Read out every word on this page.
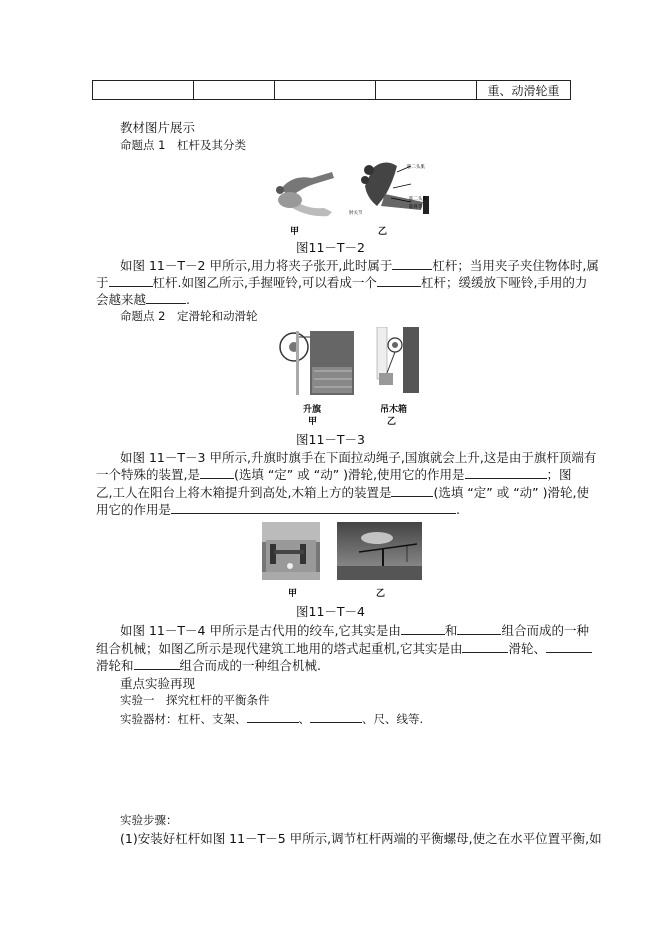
				重、动滑轮重
教材图片展示
命题点 1　杠杆及其分类
肱二头肌
肱二头肌
肱骨等
肘关节
甲	乙
图11－T－2
如图 11－T－2 甲所示,用力将夹子张开,此时属于	杠杆；当用夹子夹住物体时,属
于	杠杆.如图乙所示,手握哑铃,可以看成一个	杠杆；缓缓放下哑铃,手用的力
会越来越	.
命题点 2　定滑轮和动滑轮
升旗
甲
吊木箱
乙
图11－T－3
如图 11－T－3 甲所示,升旗时旗手在下面拉动绳子,国旗就会上升,这是由于旗杆顶端有
一个特殊的装置,是	(选填 “定” 或 “动” )滑轮,使用它的作用是	；图
乙,工人在阳台上将木箱提升到高处,木箱上方的装置是	(选填 “定” 或 “动” )滑轮,使
用它的作用是	.
甲	乙
图11－T－4
如图 11－T－4 甲所示是古代用的绞车,它其实是由	和	组合而成的一种
组合机械；如图乙所示是现代建筑工地用的塔式起重机,它其实是由	滑轮、
滑轮和	组合而成的一种组合机械.
重点实验再现
实验一　探究杠杆的平衡条件
实验器材：杠杆、支架、	、	、尺、线等.
实验步骤：
(1)安装好杠杆如图 11－T－5 甲所示,调节杠杆两端的平衡螺母,使之在水平位置平衡,如
